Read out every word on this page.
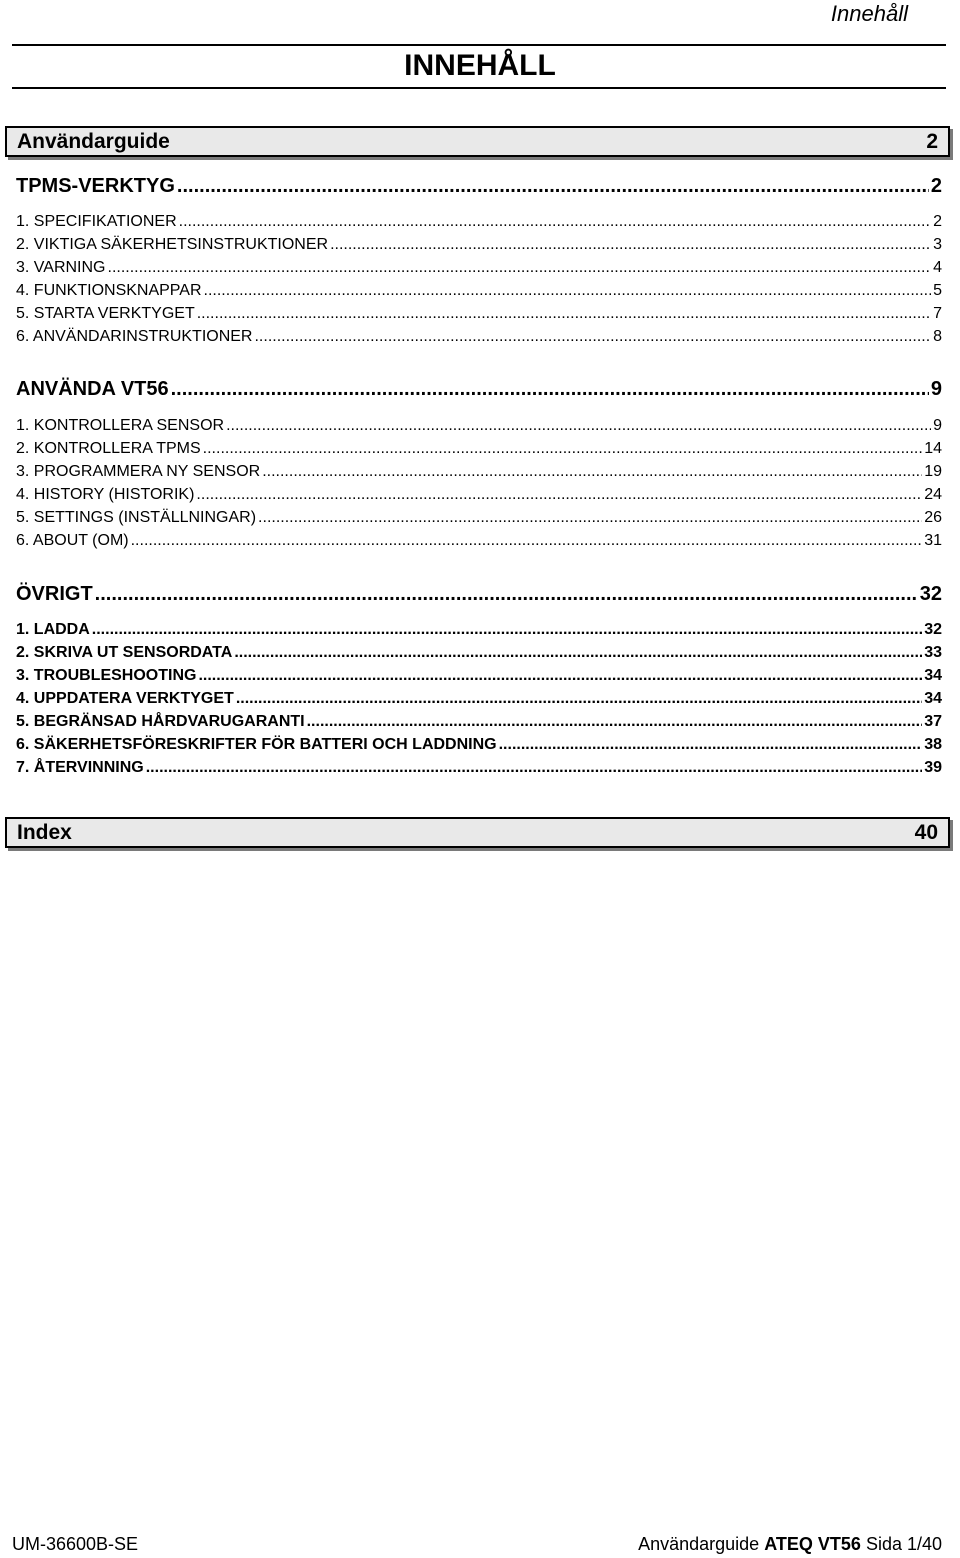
Innehåll
INNEHÅLL
Användarguide	2
TPMS-VERKTYG .....	2
1. SPECIFIKATIONER .....	2
2. VIKTIGA SÄKERHETSINSTRUKTIONER .....	3
3. VARNING .....	4
4. FUNKTIONSKNAPPAR .....	5
5. STARTA VERKTYGET .....	7
6. ANVÄNDARINSTRUKTIONER .....	8
ANVÄNDA VT56 .....	9
1. KONTROLLERA SENSOR .....	9
2. KONTROLLERA TPMS .....	14
3. PROGRAMMERA NY SENSOR .....	19
4. HISTORY (HISTORIK) .....	24
5. SETTINGS (INSTÄLLNINGAR) .....	26
6. ABOUT (OM) .....	31
ÖVRIGT .....	32
1. LADDA .....	32
2. SKRIVA UT SENSORDATA .....	33
3. TROUBLESHOOTING .....	34
4. UPPDATERA VERKTYGET .....	34
5. BEGRÄNSAD HÅRDVARUGARANTI .....	37
6. SÄKERHETSFÖRESKRIFTER FÖR BATTERI OCH LADDNING .....	38
7. ÅTERVINNING .....	39
Index	40
UM-36600B-SE	Användarguide ATEQ VT56 Sida 1/40
